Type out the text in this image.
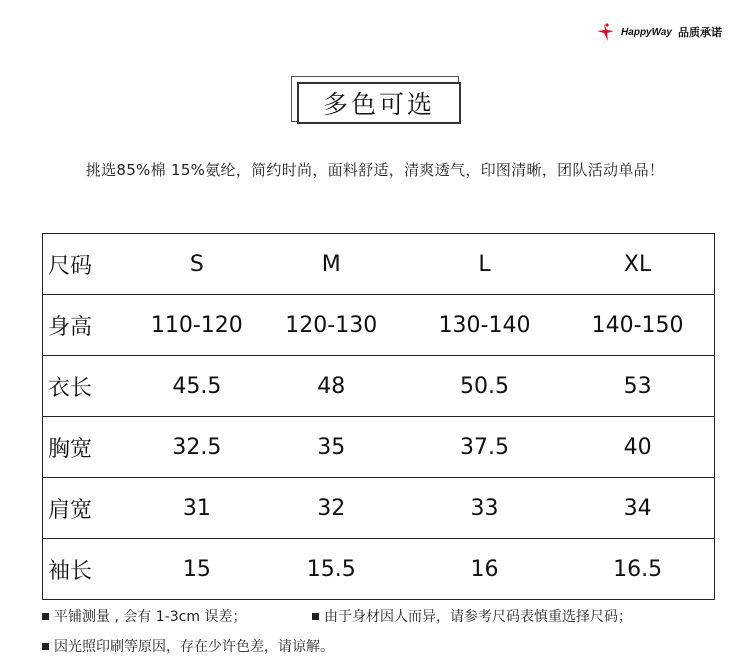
HappyWay 品质承诺
多色可选
挑选85%棉 15%氨纶，简约时尚，面料舒适，清爽透气，印图清晰，团队活动单品！
尺码	S	M	L	XL
身高	110-120	120-130	130-140	140-150
衣长	45.5	48	50.5	53
胸宽	32.5	35	37.5	40
肩宽	31	32	33	34
袖长	15	15.5	16	16.5
平铺测量 , 会有 1-3cm 误差；	由于身材因人而异，请参考尺码表慎重选择尺码；
因光照印刷等原因，存在少许色差，请谅解。
